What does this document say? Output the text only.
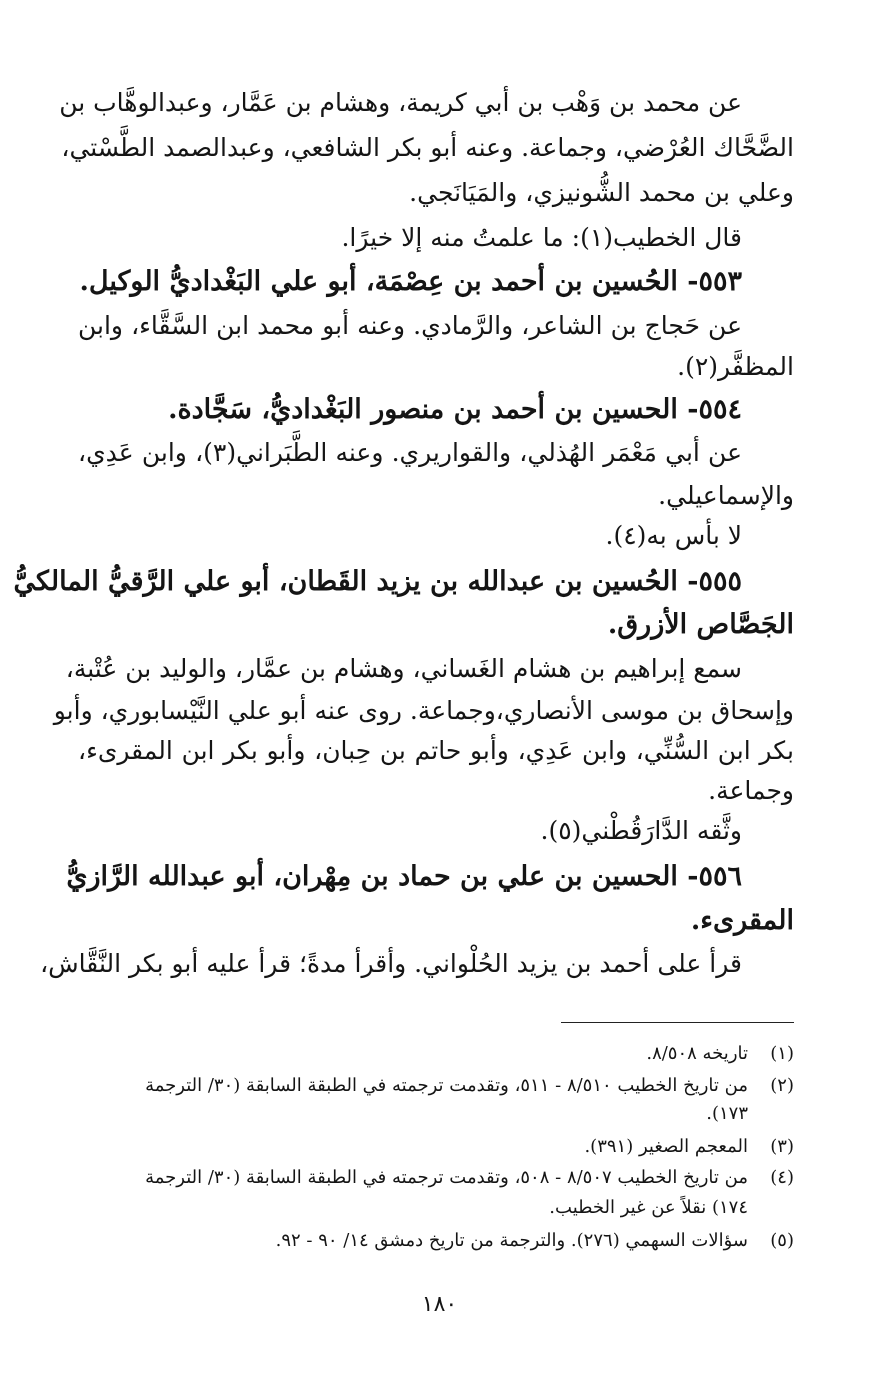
عن محمد بن وَهْب بن أبي كريمة، وهشام بن عَمَّار، وعبدالوهَّاب بن
الضَّحَّاك العُرْضي، وجماعة. وعنه أبو بكر الشافعي، وعبدالصمد الطَّسْتي،
وعلي بن محمد الشُّونيزي، والمَيَانَجي.
قال الخطيب(١): ما علمتُ منه إلا خيرًا.
٥٥٣- الحُسين بن أحمد بن عِصْمَة، أبو علي البَغْداديُّ الوكيل.
عن حَجاج بن الشاعر، والرَّمادي. وعنه أبو محمد ابن السَّقَّاء، وابن
المظفَّر(٢).
٥٥٤- الحسين بن أحمد بن منصور البَغْداديُّ، سَجَّادة.
عن أبي مَعْمَر الهُذلي، والقواريري. وعنه الطَّبَراني(٣)، وابن عَدِي،
والإسماعيلي.
لا بأس به(٤).
٥٥٥- الحُسين بن عبدالله بن يزيد القَطان، أبو علي الرَّقيُّ المالكيُّ
الجَصَّاص الأزرق.
سمع إبراهيم بن هشام الغَساني، وهشام بن عمَّار، والوليد بن عُتْبة،
وإسحاق بن موسى الأنصاري،وجماعة. روى عنه أبو علي النَّيْسابوري، وأبو
بكر ابن السُّنِّي، وابن عَدِي، وأبو حاتم بن حِبان، وأبو بكر ابن المقرىء،
وجماعة.
وثَّقه الدَّارَقُطْني(٥).
٥٥٦- الحسين بن علي بن حماد بن مِهْران، أبو عبدالله الرَّازيُّ
المقرىء.
قرأ على أحمد بن يزيد الحُلْواني. وأقرأ مدةً؛ قرأ عليه أبو بكر النَّقَّاش،
(١)تاريخه ٨/٥٠٨.
(٢)من تاريخ الخطيب ٨/٥١٠ - ٥١١، وتقدمت ترجمته في الطبقة السابقة (٣٠/ الترجمة
١٧٣).
(٣)المعجم الصغير (٣٩١).
(٤)من تاريخ الخطيب ٨/٥٠٧ - ٥٠٨، وتقدمت ترجمته في الطبقة السابقة (٣٠/ الترجمة
١٧٤) نقلاً عن غير الخطيب.
(٥)سؤالات السهمي (٢٧٦). والترجمة من تاريخ دمشق ١٤/ ٩٠ - ٩٢.
١٨٠
